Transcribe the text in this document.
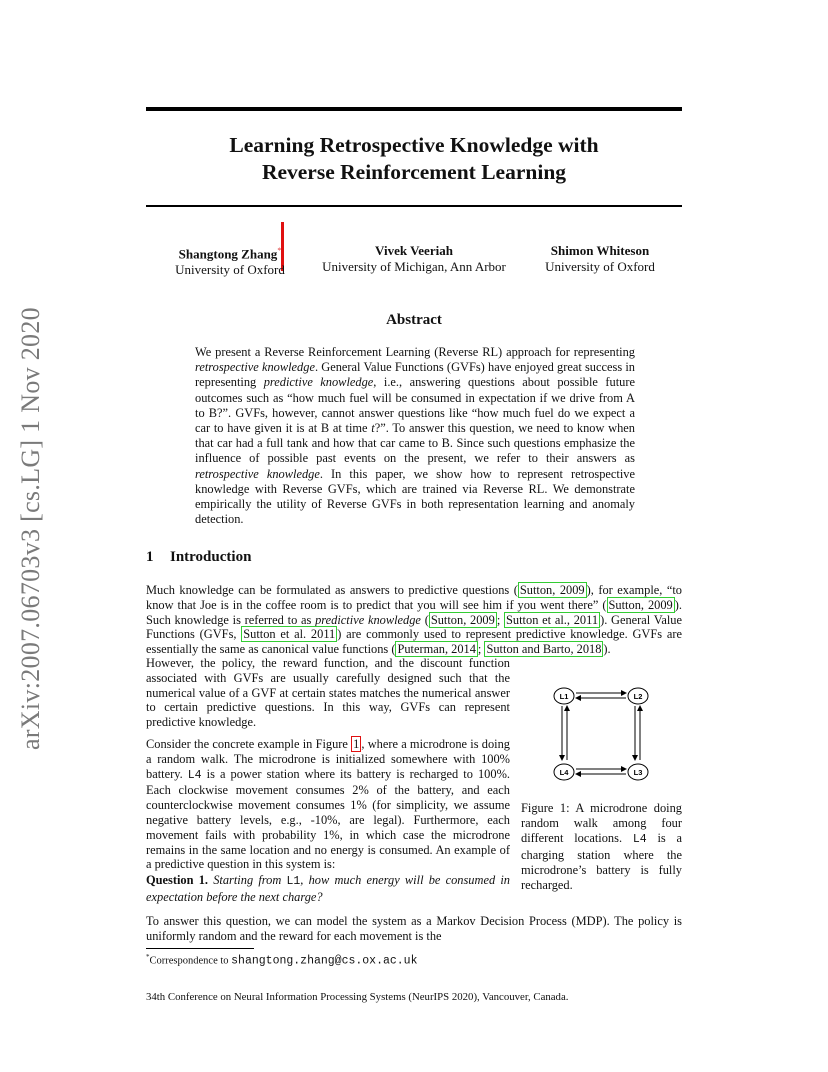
arXiv:2007.06703v3 [cs.LG] 1 Nov 2020
Learning Retrospective Knowledge with
Reverse Reinforcement Learning
Shangtong Zhang*
University of Oxford
Vivek Veeriah
University of Michigan, Ann Arbor
Shimon Whiteson
University of Oxford
Abstract
We present a Reverse Reinforcement Learning (Reverse RL) approach for representing retrospective knowledge. General Value Functions (GVFs) have enjoyed great success in representing predictive knowledge, i.e., answering questions about possible future outcomes such as “how much fuel will be consumed in expectation if we drive from A to B?”. GVFs, however, cannot answer questions like “how much fuel do we expect a car to have given it is at B at time t?”. To answer this question, we need to know when that car had a full tank and how that car came to B. Since such questions emphasize the influence of possible past events on the present, we refer to their answers as retrospective knowledge. In this paper, we show how to represent retrospective knowledge with Reverse GVFs, which are trained via Reverse RL. We demonstrate empirically the utility of Reverse GVFs in both representation learning and anomaly detection.
1 Introduction
Much knowledge can be formulated as answers to predictive questions ( Sutton, 2009 ), for example, “to know that Joe is in the coffee room is to predict that you will see him if you went there” ( Sutton, 2009 ). Such knowledge is referred to as predictive knowledge ( Sutton, 2009 ; Sutton et al., 2011 ). General Value Functions (GVFs, Sutton et al. 2011 ) are commonly used to represent predictive knowledge. GVFs are essentially the same as canonical value functions ( Puterman, 2014 ; Sutton and Barto, 2018 ).
However, the policy, the reward function, and the discount function associated with GVFs are usually carefully designed such that the numerical value of a GVF at certain states matches the numerical answer to certain predictive questions. In this way, GVFs can represent predictive knowledge.
Consider the concrete example in Figure 1 , where a microdrone is doing a random walk. The microdrone is initialized somewhere with 100% battery. L4 is a power station where its battery is recharged to 100%. Each clockwise movement consumes 2% of the battery, and each counterclockwise movement consumes 1% (for simplicity, we assume negative battery levels, e.g., -10%, are legal). Furthermore, each movement fails with probability 1%, in which case the microdrone remains in the same location and no energy is consumed. An example of a predictive question in this system is:
Question 1. Starting from L1, how much energy will be consumed in expectation before the next charge?
To answer this question, we can model the system as a Markov Decision Process (MDP). The policy is uniformly random and the reward for each movement is the
L1	L2
L3
L4
Figure 1: A microdrone doing random walk among four different locations. L4 is a charging station where the microdrone’s battery is fully recharged.
*Correspondence to shangtong.zhang@cs.ox.ac.uk
34th Conference on Neural Information Processing Systems (NeurIPS 2020), Vancouver, Canada.
